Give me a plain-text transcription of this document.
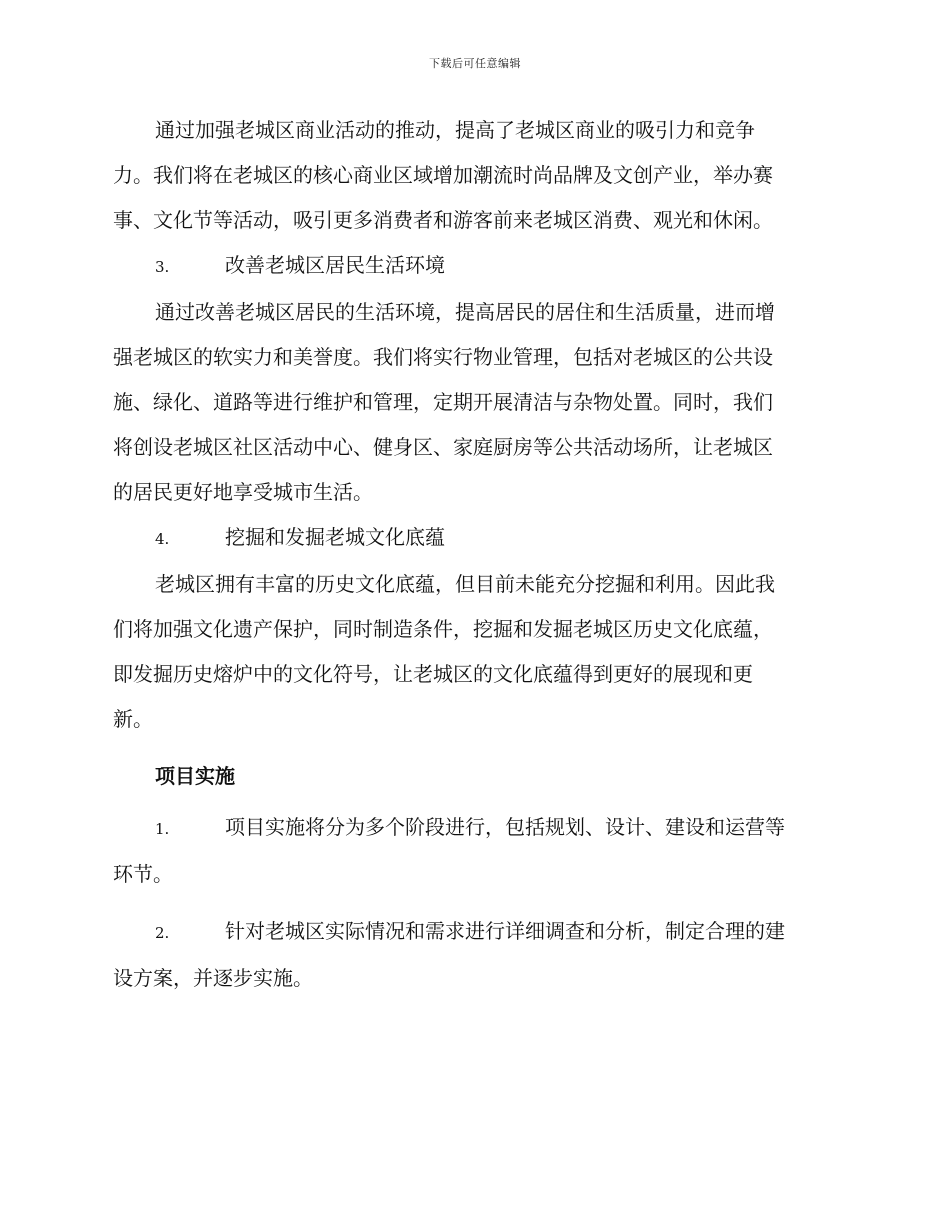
下载后可任意编辑
通过加强老城区商业活动的推动，提高了老城区商业的吸引力和竞争
力。我们将在老城区的核心商业区域增加潮流时尚品牌及文创产业，举办赛
事、文化节等活动，吸引更多消费者和游客前来老城区消费、观光和休闲。
3.	改善老城区居民生活环境
通过改善老城区居民的生活环境，提高居民的居住和生活质量，进而增
强老城区的软实力和美誉度。我们将实行物业管理，包括对老城区的公共设
施、绿化、道路等进行维护和管理，定期开展清洁与杂物处置。同时，我们
将创设老城区社区活动中心、健身区、家庭厨房等公共活动场所，让老城区
的居民更好地享受城市生活。
4.	挖掘和发掘老城文化底蕴
老城区拥有丰富的历史文化底蕴，但目前未能充分挖掘和利用。因此我
们将加强文化遗产保护，同时制造条件，挖掘和发掘老城区历史文化底蕴，
即发掘历史熔炉中的文化符号，让老城区的文化底蕴得到更好的展现和更
新。
项目实施
1.	项目实施将分为多个阶段进行，包括规划、设计、建设和运营等
环节。
2.	针对老城区实际情况和需求进行详细调查和分析，制定合理的建
设方案，并逐步实施。
